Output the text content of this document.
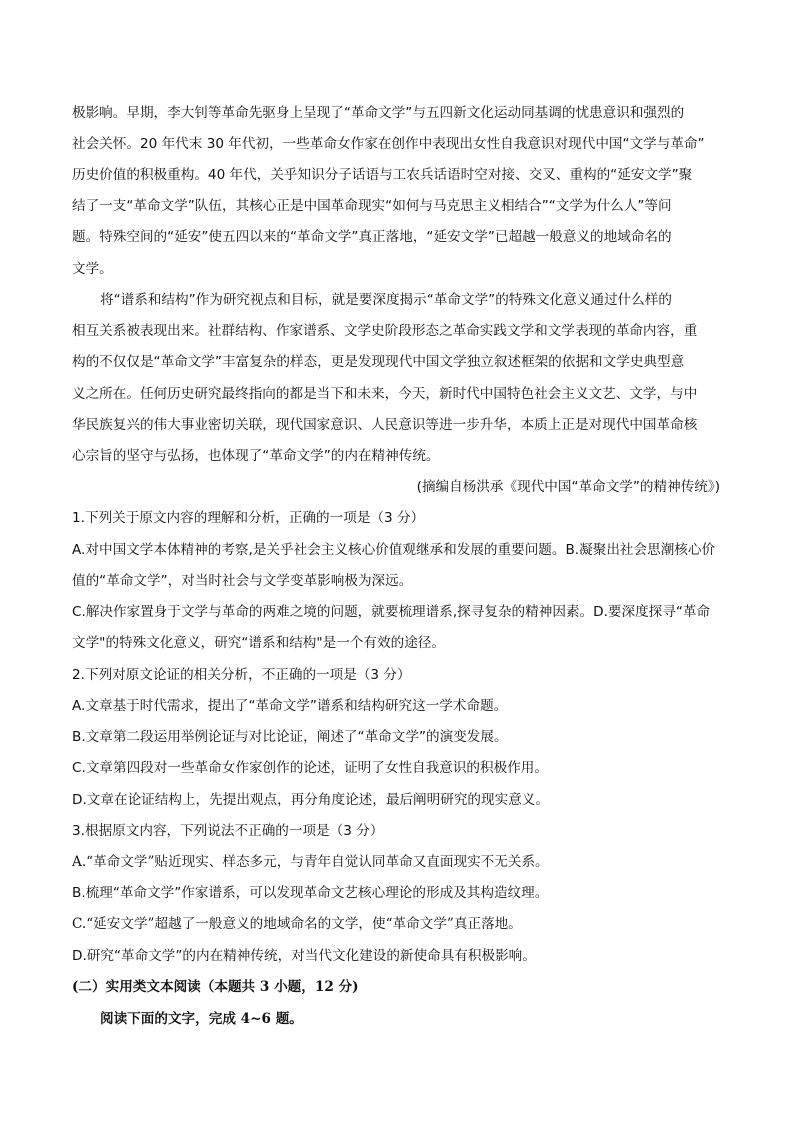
极影响。早期，李大钊等革命先驱身上呈现了“革命文学”与五四新文化运动同基调的忧患意识和强烈的
社会关怀。20 年代末 30 年代初，一些革命女作家在创作中表现出女性自我意识对现代中国“文学与革命”
历史价值的积极重构。40 年代，关乎知识分子话语与工农兵话语时空对接、交叉、重构的“延安文学”聚
结了一支“革命文学”队伍，其核心正是中国革命现实“如何与马克思主义相结合”“文学为什么人”等问
题。特殊空间的“延安”使五四以来的“革命文学”真正落地，“延安文学”已超越一般意义的地域命名的
文学。
将“谱系和结构”作为研究视点和目标，就是要深度揭示“革命文学”的特殊文化意义通过什么样的
相互关系被表现出来。社群结构、作家谱系、文学史阶段形态之革命实践文学和文学表现的革命内容，重
构的不仅仅是“革命文学”丰富复杂的样态，更是发现现代中国文学独立叙述框架的依据和文学史典型意
义之所在。任何历史研究最终指向的都是当下和未来，今天，新时代中国特色社会主义文艺、文学，与中
华民族复兴的伟大事业密切关联，现代国家意识、人民意识等进一步升华，本质上正是对现代中国革命核
心宗旨的坚守与弘扬，也体现了“革命文学”的内在精神传统。
(摘编自杨洪承《现代中国“革命文学”的精神传统》)
1.下列关于原文内容的理解和分析，正确的一项是（3 分）
A.对中国文学本体精神的考察,是关乎社会主义核心价值观继承和发展的重要问题。B.凝聚出社会思潮核心价
值的“革命文学”，对当时社会与文学变革影响极为深远。
C.解决作家置身于文学与革命的两难之境的问题，就要梳理谱系,探寻复杂的精神因素。D.要深度探寻“革命
文学"的特殊文化意义，研究“谱系和结构"是一个有效的途径。
2.下列对原文论证的相关分析，不正确的一项是（3 分）
A.文章基于时代需求，提出了“革命文学”谱系和结构研究这一学术命题。
B.文章第二段运用举例论证与对比论证，阐述了“革命文学”的演变发展。
C.文章第四段对一些革命女作家创作的论述，证明了女性自我意识的积极作用。
D.文章在论证结构上，先提出观点，再分角度论述，最后阐明研究的现实意义。
3.根据原文内容，下列说法不正确的一项是（3 分）
A.“革命文学”贴近现实、样态多元，与青年自觉认同革命又直面现实不无关系。
B.梳理“革命文学”作家谱系，可以发现革命文艺核心理论的形成及其构造纹理。
C.“延安文学”超越了一般意义的地域命名的文学，使“革命文学”真正落地。
D.研究“革命文学”的内在精神传统，对当代文化建设的新使命具有积极影响。
(二）实用类文本阅读（本题共 3 小题，12 分)
阅读下面的文字，完成 4~6 题。
